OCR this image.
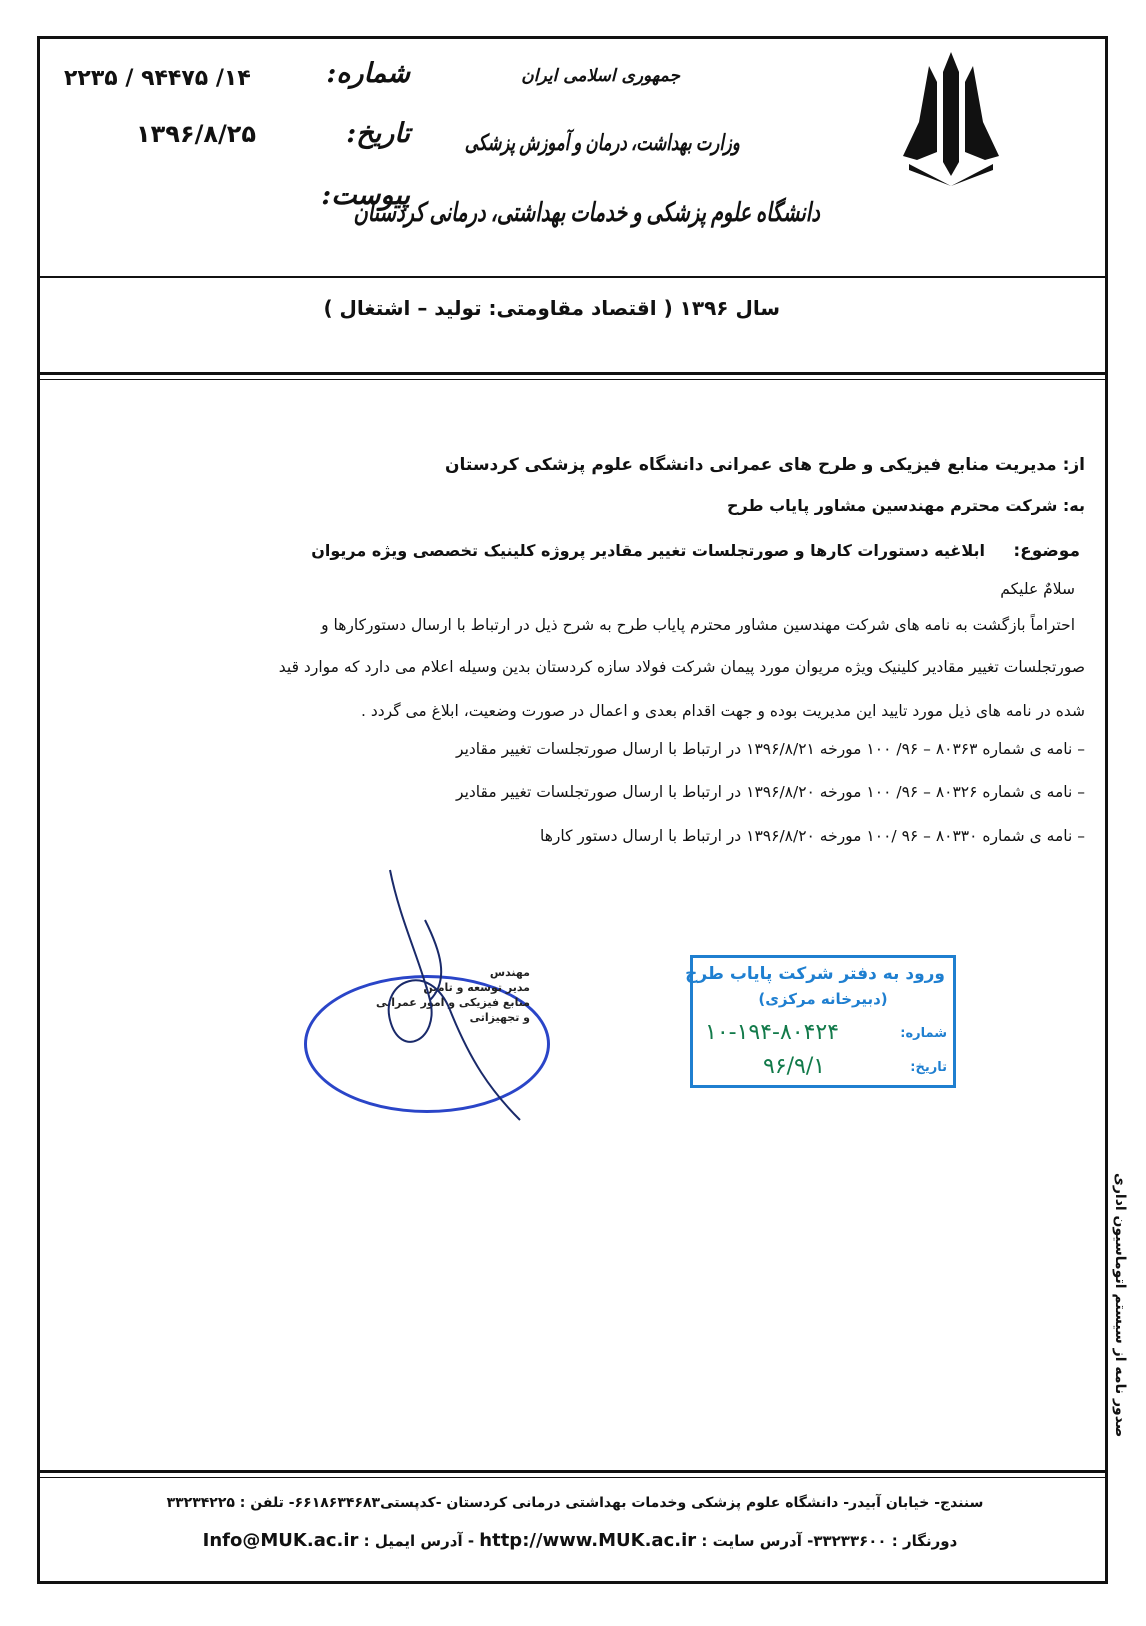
جمهوری اسلامی ایران
وزارت بهداشت، درمان و آموزش پزشکی
دانشگاه علوم پزشکی و خدمات بهداشتی، درمانی کردستان
شماره:
۱۴/ ۹۴۴۷۵ / ۲۲۳۵
تاریخ:
۱۳۹۶/۸/۲۵
پیوست:
سال ۱۳۹۶ ( اقتصاد مقاومتی: تولید – اشتغال )
از: مدیریت منابع فیزیکی و طرح های عمرانی دانشگاه علوم پزشکی کردستان
به: شرکت محترم مهندسین مشاور پایاب طرح
موضوع:
ابلاغیه دستورات کارها و صورتجلسات تغییر مقادیر پروژه کلینیک تخصصی ویژه مریوان
سلامٌ علیکم
احتراماً بازگشت به نامه های شرکت مهندسین مشاور محترم پایاب طرح به شرح ذیل در ارتباط با ارسال دستورکارها و
صورتجلسات تغییر مقادیر کلینیک ویژه مریوان مورد پیمان شرکت فولاد سازه کردستان بدین وسیله اعلام می دارد که موارد قید
شده در نامه های ذیل مورد تایید این مدیریت بوده و جهت اقدام بعدی و اعمال در صورت وضعیت، ابلاغ می گردد .
– نامه ی شماره ۸۰۳۶۳ – ۹۶/ ۱۰۰ مورخه ۱۳۹۶/۸/۲۱ در ارتباط با ارسال صورتجلسات تغییر مقادیر
– نامه ی شماره ۸۰۳۲۶ – ۹۶/ ۱۰۰ مورخه ۱۳۹۶/۸/۲۰ در ارتباط با ارسال صورتجلسات تغییر مقادیر
– نامه ی شماره ۸۰۳۳۰ – ۹۶ /۱۰۰ مورخه ۱۳۹۶/۸/۲۰ در ارتباط با ارسال دستور کارها
مهندس
مدیر توسعه و تامین
منابع فیزیکی و امور عمرانی
و تجهیزاتی
ورود به دفتر شرکت پایاب طرح
(دبیرخانه مرکزی)
شماره:
۱۰-۱۹۴-۸۰۴۲۴
تاریخ:
۹۶/۹/۱
صدور نامه از سیستم اتوماسیون اداری
سنندج- خیابان آبیدر- دانشگاه علوم پزشکی وخدمات بهداشتی درمانی کردستان -کدپستی۶۶۱۸۶۳۴۶۸۳- تلفن : ۳۳۲۳۴۲۲۵
دورنگار : ۳۳۲۳۳۶۰۰- آدرس سایت : http://www.MUK.ac.ir - آدرس ایمیل : Info@MUK.ac.ir
